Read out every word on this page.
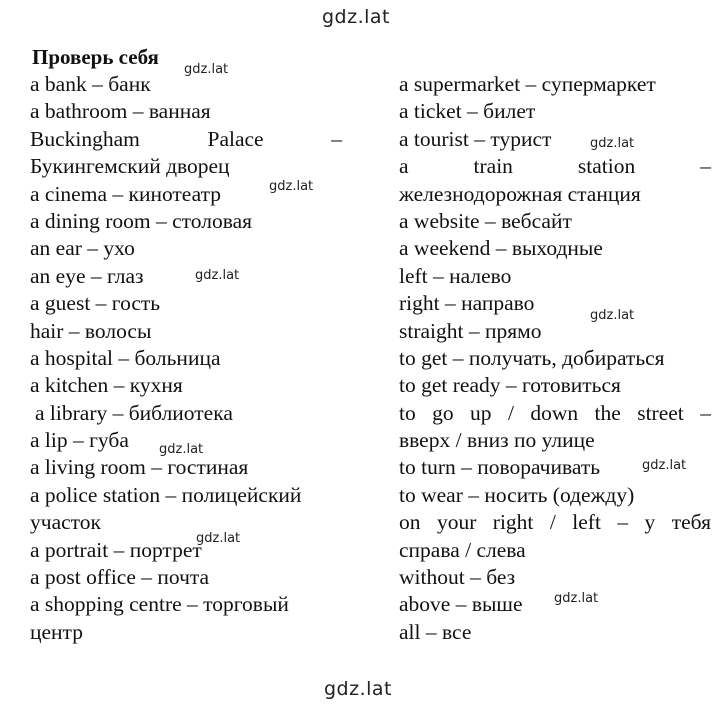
gdz.lat
Проверь себя
a bank – банк
a bathroom – ванная
Buckingham	Palace	–
Букингемский дворец
a cinema – кинотеатр
a dining room – столовая
an ear – ухо
an eye – глаз
a guest – гость
hair – волосы
a hospital – больница
a kitchen – кухня
a library – библиотека
a lip – губа
a living room – гостиная
a police station – полицейский
участок
a portrait – портрет
a post office – почта
a shopping centre – торговый
центр
a supermarket – супермаркет
a ticket – билет
a tourist – турист
a	train	station	–
железнодорожная станция
a website – вебсайт
a weekend – выходные
left – налево
right – направо
straight – прямо
to get – получать, добираться
to get ready – готовиться
to go up / down the street –
вверх / вниз по улице
to turn – поворачивать
to wear – носить (одежду)
on your right / left – у тебя
справа / слева
without – без
above – выше
all – все
gdz.lat
gdz.lat
gdz.lat
gdz.lat
gdz.lat
gdz.lat
gdz.lat
gdz.lat
gdz.lat
gdz.lat
